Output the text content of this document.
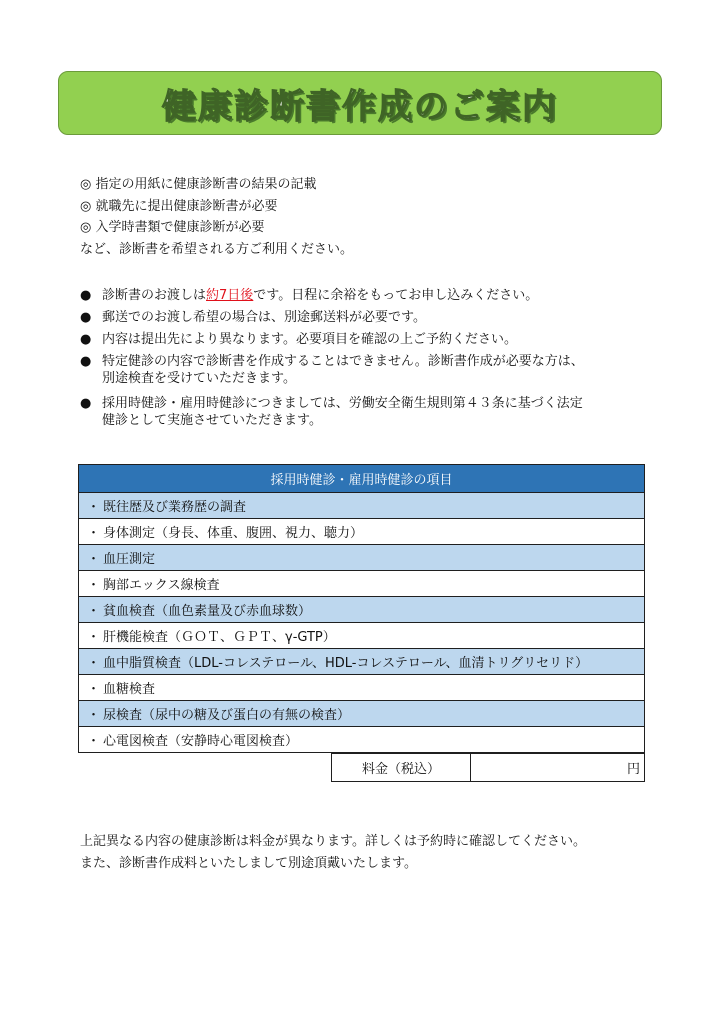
健康診断書作成のご案内
◎ 指定の用紙に健康診断書の結果の記載
◎ 就職先に提出健康診断書が必要
◎ 入学時書類で健康診断が必要
など、診断書を希望される方ご利用ください。
● 診断書のお渡しは約7日後です。日程に余裕をもってお申し込みください。
● 郵送でのお渡し希望の場合は、別途郵送料が必要です。
● 内容は提出先により異なります。必要項目を確認の上ご予約ください。
● 特定健診の内容で診断書を作成することはできません。診断書作成が必要な方は、
別途検査を受けていただきます。
● 採用時健診・雇用時健診につきましては、労働安全衛生規則第４３条に基づく法定
健診として実施させていただきます。
採用時健診・雇用時健診の項目
・ 既往歴及び業務歴の調査
・ 身体測定（身長、体重、腹囲、視力、聴力）
・ 血圧測定
・ 胸部エックス線検査
・ 貧血検査（血色素量及び赤血球数）
・ 肝機能検査（ＧＯＴ、ＧＰＴ、γ-GTP）
・ 血中脂質検査（LDL-コレステロール、HDL-コレステロール、血清トリグリセリド）
・ 血糖検査
・ 尿検査（尿中の糖及び蛋白の有無の検査）
・ 心電図検査（安静時心電図検査）
料金（税込）	円
上記異なる内容の健康診断は料金が異なります。詳しくは予約時に確認してください。
また、診断書作成料といたしまして別途頂戴いたします。
